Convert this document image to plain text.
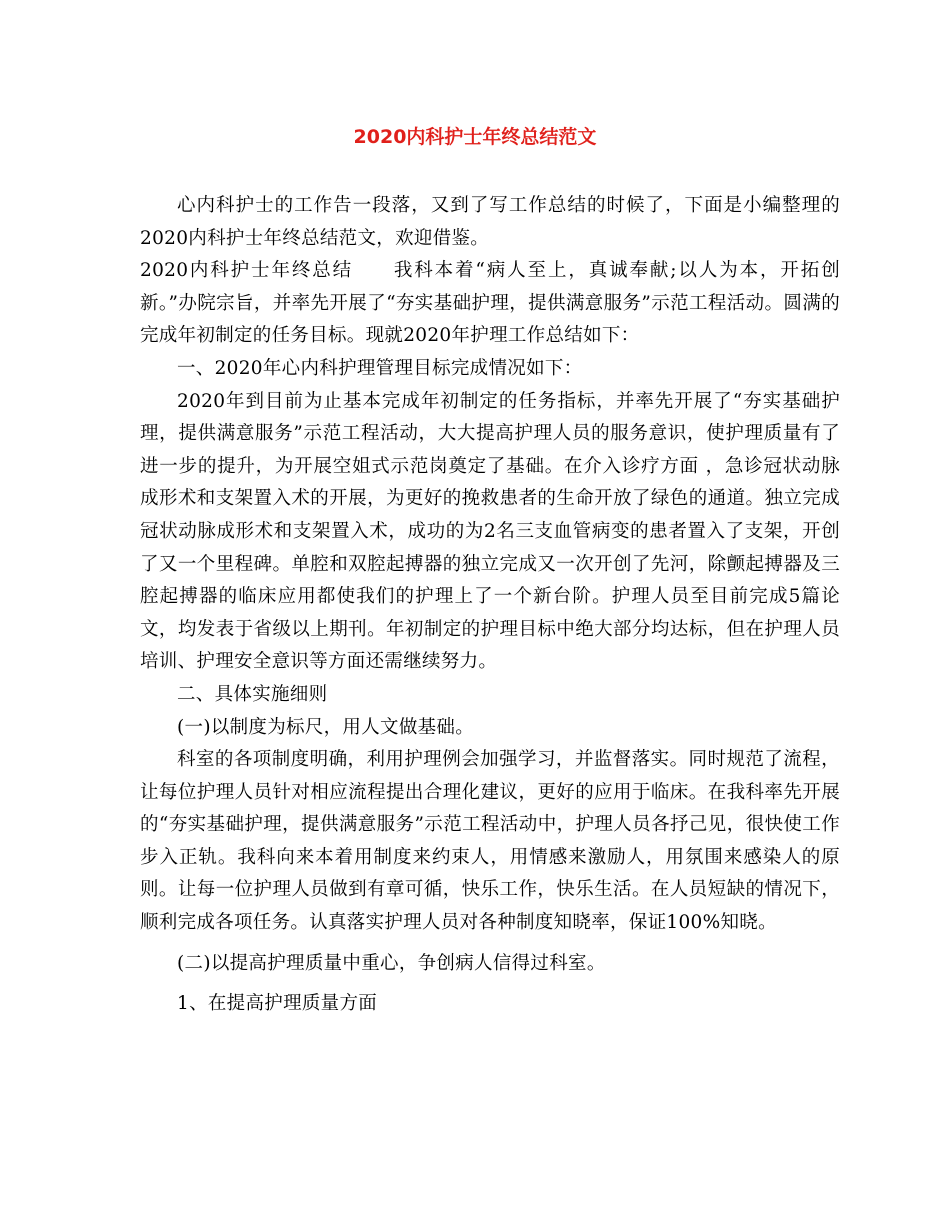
2020内科护士年终总结范文

心内科护士的工作告一段落，又到了写工作总结的时候了，下面是小编整理的2020内科护士年终总结范文，欢迎借鉴。

2020内科护士年终总结　　我科本着“病人至上，真诚奉献;以人为本，开拓创新。”办院宗旨，并率先开展了“夯实基础护理，提供满意服务”示范工程活动。圆满的完成年初制定的任务目标。现就2020年护理工作总结如下：

一、2020年心内科护理管理目标完成情况如下：

2020年到目前为止基本完成年初制定的任务指标，并率先开展了“夯实基础护理，提供满意服务”示范工程活动，大大提高护理人员的服务意识，使护理质量有了进一步的提升，为开展空姐式示范岗奠定了基础。在介入诊疗方面 ，急诊冠状动脉成形术和支架置入术的开展，为更好的挽救患者的生命开放了绿色的通道。独立完成冠状动脉成形术和支架置入术，成功的为2名三支血管病变的患者置入了支架，开创了又一个里程碑。单腔和双腔起搏器的独立完成又一次开创了先河，除颤起搏器及三腔起搏器的临床应用都使我们的护理上了一个新台阶。护理人员至目前完成5篇论文，均发表于省级以上期刊。年初制定的护理目标中绝大部分均达标，但在护理人员培训、护理安全意识等方面还需继续努力。

二、具体实施细则

(一)以制度为标尺，用人文做基础。

科室的各项制度明确，利用护理例会加强学习，并监督落实。同时规范了流程，让每位护理人员针对相应流程提出合理化建议，更好的应用于临床。在我科率先开展的“夯实基础护理，提供满意服务”示范工程活动中，护理人员各抒己见，很快使工作步入正轨。我科向来本着用制度来约束人，用情感来激励人，用氛围来感染人的原则。让每一位护理人员做到有章可循，快乐工作，快乐生活。在人员短缺的情况下，顺利完成各项任务。认真落实护理人员对各种制度知晓率，保证100%知晓。

(二)以提高护理质量中重心，争创病人信得过科室。

1、在提高护理质量方面
